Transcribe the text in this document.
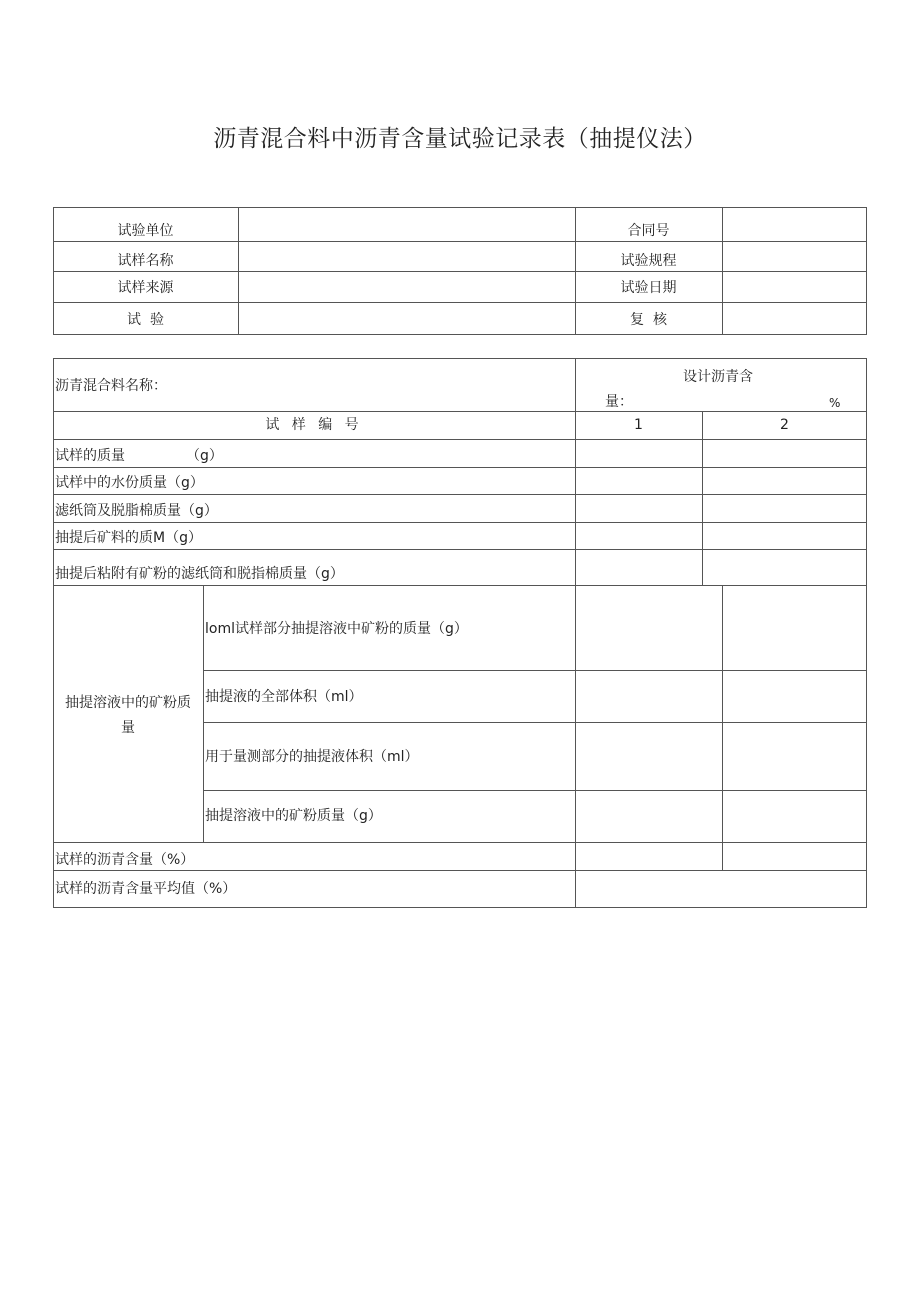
沥青混合料中沥青含量试验记录表（抽提仪法）
试验单位	合同号
试样名称	试验规程
试样来源	试验日期
试  验	复  核
沥青混合料名称：
设计沥青含
量：	%
试 样 编 号	1	2
试样的质量	（g）
试样中的水份质量（g）
滤纸筒及脱脂棉质量（g）
抽提后矿料的质M（g）
抽提后粘附有矿粉的滤纸筒和脱指棉质量（g）
抽提溶液中的矿粉质
量
loml试样部分抽提溶液中矿粉的质量（g）
抽提液的全部体积（ml）
用于量测部分的抽提液体积（ml）
抽提溶液中的矿粉质量（g）
试样的沥青含量（%）
试样的沥青含量平均值（%）
